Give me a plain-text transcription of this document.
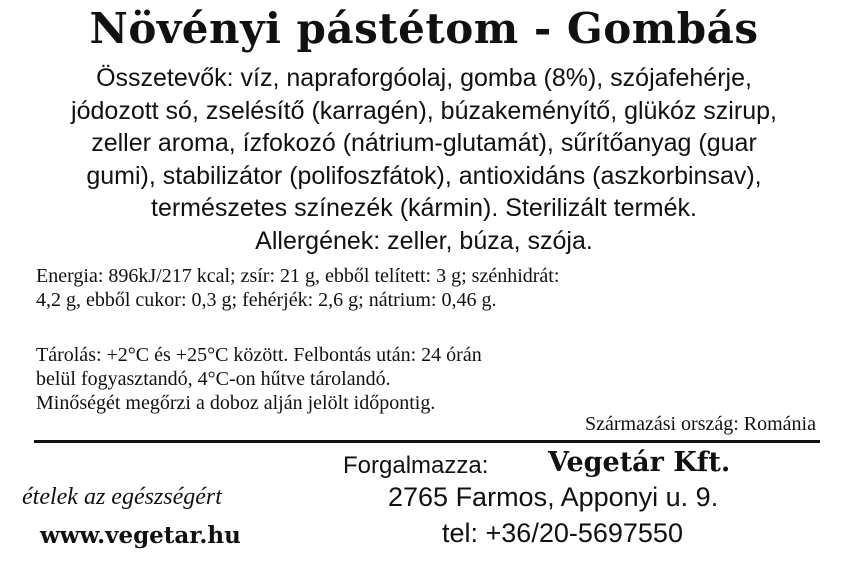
Növényi pástétom - Gombás
Összetevők: víz, napraforgóolaj, gomba (8%), szójafehérje,
jódozott só, zselésítő (karragén), búzakeményítő, glükóz szirup,
zeller aroma, ízfokozó (nátrium-glutamát), sűrítőanyag (guar
gumi), stabilizátor (polifoszfátok), antioxidáns (aszkorbinsav),
természetes színezék (kármin). Sterilizált termék.
Allergének: zeller, búza, szója.
Energia: 896kJ/217 kcal; zsír: 21 g, ebből telített: 3 g; szénhidrát:
4,2 g, ebből cukor: 0,3 g; fehérjék: 2,6 g; nátrium: 0,46 g.
Tárolás: +2°C és +25°C között. Felbontás után: 24 órán
belül fogyasztandó, 4°C-on hűtve tárolandó.
Minőségét megőrzi a doboz alján jelölt időpontig.
Származási ország: Románia
Forgalmazza: Vegetár Kft.
2765 Farmos, Apponyi u. 9.
tel: +36/20-5697550
ételek az egészségért
www.vegetar.hu
